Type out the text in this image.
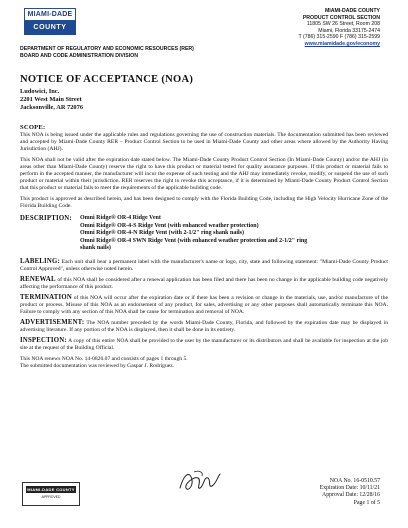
MIAMI-DADE
COUNTY
DEPARTMENT OF REGULATORY AND ECONOMIC RESOURCES (RER)
BOARD AND CODE ADMINISTRATION DIVISION
MIAMI-DADE COUNTY
PRODUCT CONTROL SECTION
11805 SW 26 Street, Room 208
Miami, Florida 33175-2474
T (786) 315-2590 F (786) 315-2599
www.miamidade.gov/economy
NOTICE OF ACCEPTANCE (NOA)
Ludowici, Inc.
2201 West Main Street
Jacksonville, AR 72076
SCOPE:

This NOA is being issued under the applicable rules and regulations governing the use of construction materials. The documentation submitted has been reviewed and accepted by Miami-Dade County RER – Product Control Section to be used in Miami-Dade County and other areas where allowed by the Authority Having Jurisdiction (AHJ).

This NOA shall not be valid after the expiration date stated below. The Miami-Dade County Product Control Section (In Miami-Dade County) and/or the AHJ (in areas other than Miami-Dade County) reserve the right to have this product or material tested for quality assurance purposes. If this product or material fails to perform in the accepted manner, the manufacturer will incur the expense of such testing and the AHJ may immediately revoke, modify, or suspend the use of such product or material within their jurisdiction. RER reserves the right to revoke this acceptance, if it is determined by Miami-Dade County Product Control Section that this product or material fails to meet the requirements of the applicable building code.

This product is approved as described herein, and has been designed to comply with the Florida Building Code, including the High Velocity Hurricane Zone of the Florida Building Code.

DESCRIPTION:	Omni Ridge® OR-4 Ridge Vent
Omni Ridge® OR-4-S Ridge Vent (with enhanced weather protection)
Omni Ridge® OR-4-N Ridge Vent (with 2-1/2" ring shank nails)
Omni Ridge® OR-4 SWN Ridge Vent (with enhanced weather protection and 2-1/2" ring
shank nails)

LABELING: Each unit shall bear a permanent label with the manufacturer's name or logo, city, state and following statement: "Miami-Dade County Product Control Approved", unless otherwise noted herein.

RENEWAL of this NOA shall be considered after a renewal application has been filed and there has been no change in the applicable building code negatively affecting the performance of this product.

TERMINATION of this NOA will occur after the expiration date or if there has been a revision or change in the materials, use, and/or manufacture of the product or process. Misuse of this NOA as an endorsement of any product, for sales, advertising or any other purposes shall automatically terminate this NOA. Failure to comply with any section of this NOA shall be cause for termination and removal of NOA.

ADVERTISEMENT: The NOA number preceded by the words Miami-Dade County, Florida, and followed by the expiration date may be displayed in advertising literature. If any portion of the NOA is displayed, then it shall be done in its entirety.

INSPECTION: A copy of this entire NOA shall be provided to the user by the manufacturer or its distributors and shall be available for inspection at the job site at the request of the Building Official.

This NOA renews NOA No. 14-0820.07 and consists of pages 1 through 5.

The submitted documentation was reviewed by Gaspar J. Rodriguez.

MIAMI-DADE COUNTY
APPROVED
NOA No. 16-0510.57
Expiration Date: 10/11/21
Approval Date: 12/28/16
Page 1 of 5
